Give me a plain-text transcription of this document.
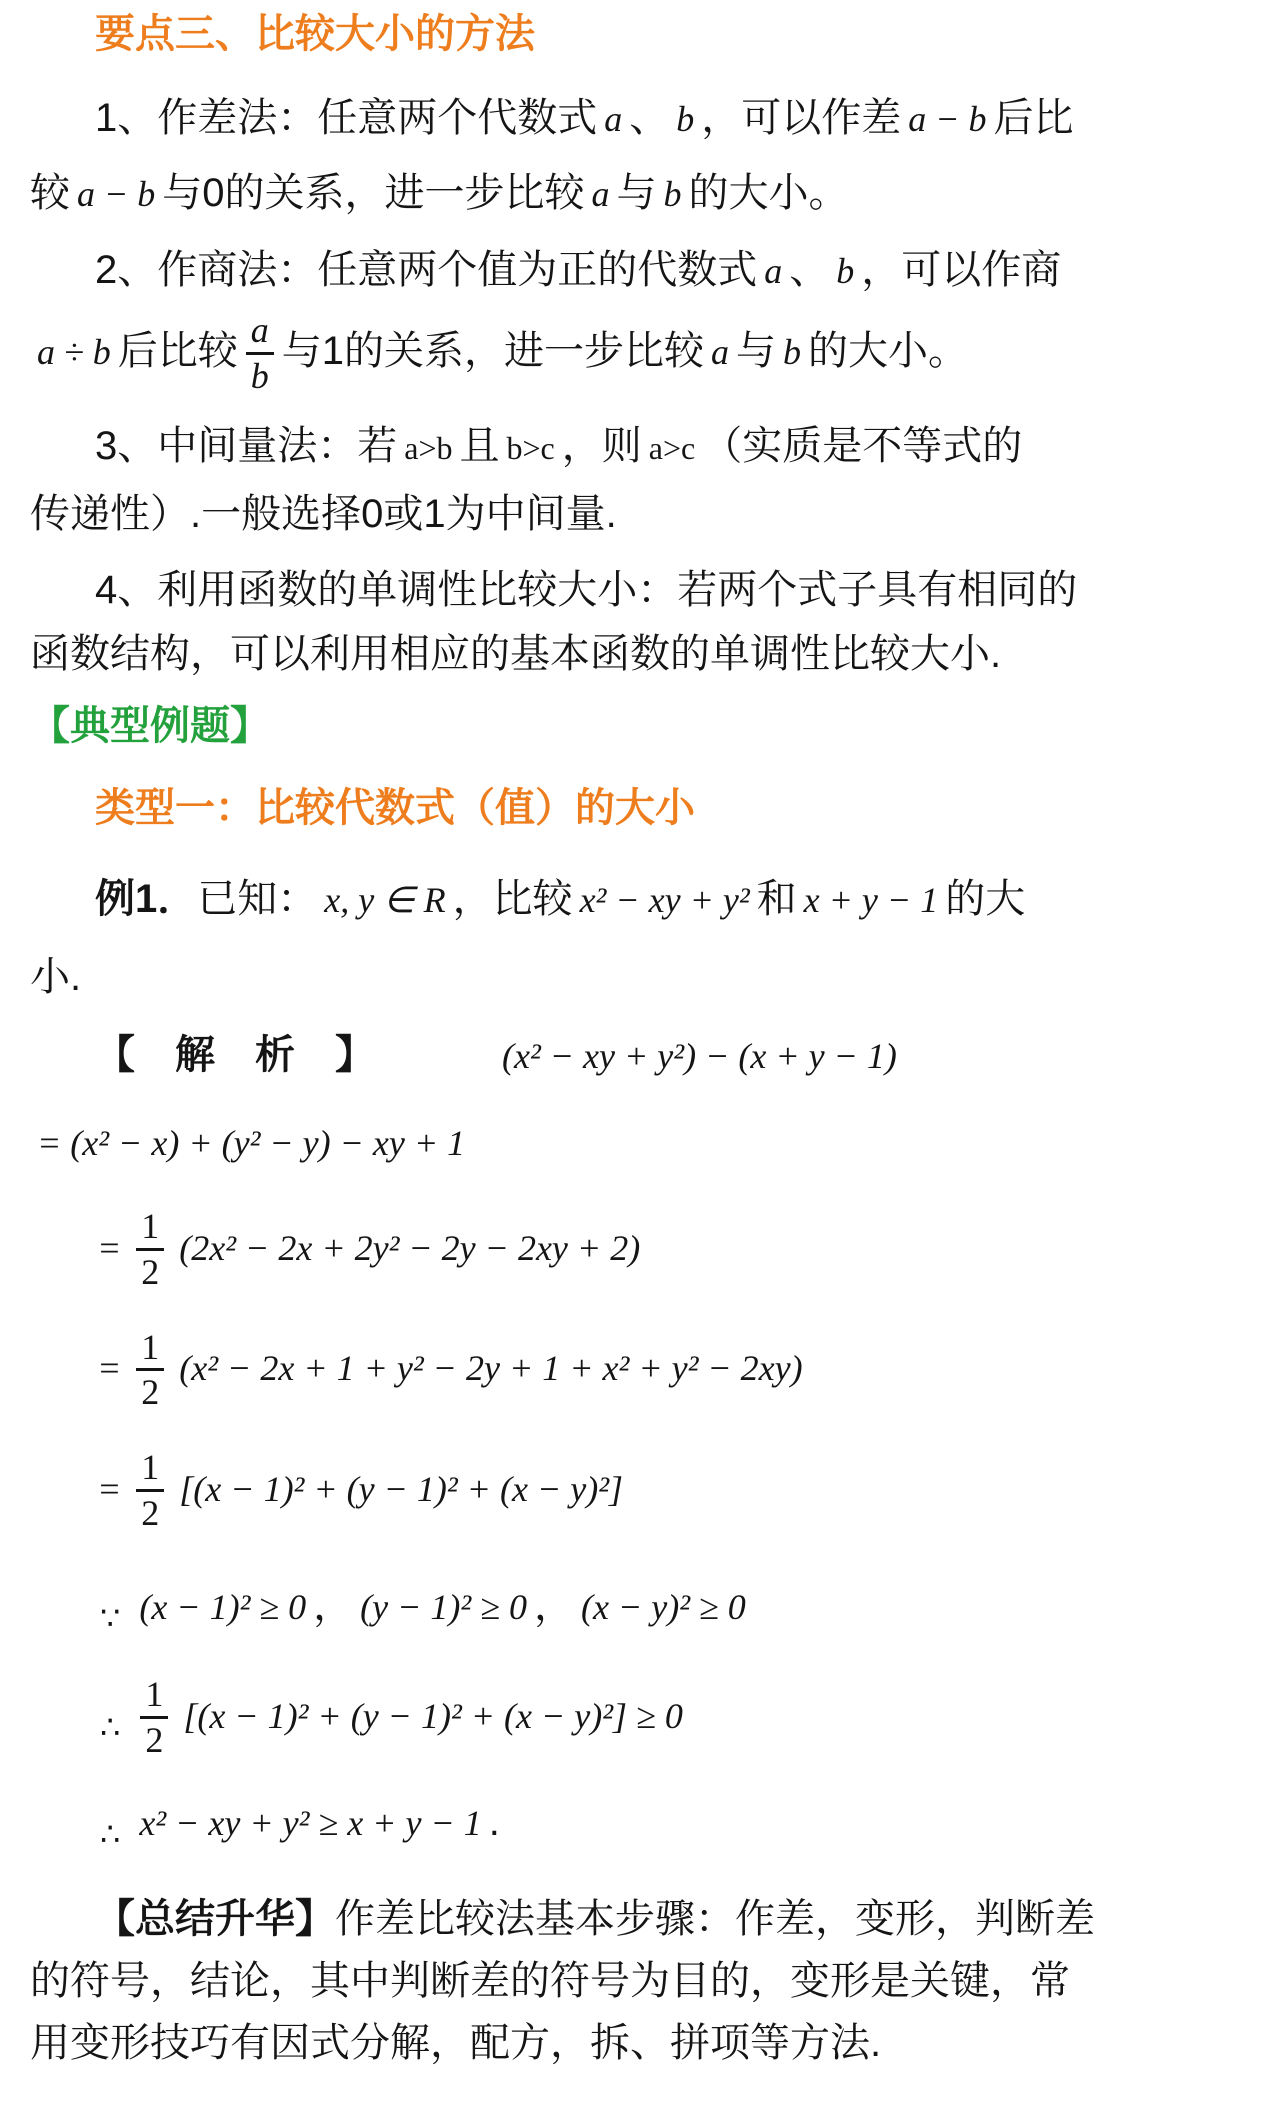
要点三、比较大小的方法
1、作差法：任意两个代数式 a 、 b ，可以作差 a − b 后比
较 a − b 与0的关系，进一步比较 a 与 b 的大小。
2、作商法：任意两个值为正的代数式 a 、 b ，可以作商
a ÷ b 后比较 $\frac{a}{b}$ 与1的关系，进一步比较 a 与 b 的大小。
3、中间量法：若 a>b 且 b>c ，则 a>c （实质是不等式的
传递性）.一般选择0或1为中间量.
4、利用函数的单调性比较大小：若两个式子具有相同的
函数结构，可以利用相应的基本函数的单调性比较大小.
【典型例题】
类型一：比较代数式（值）的大小
例1．已知： x, y ∈ R ，比较 x² − xy + y² 和 x + y − 1 的大
小.
【　解　析　】	(x² − xy + y²) − (x + y − 1)
= (x² − x) + (y² − y) − xy + 1
= $\frac{1}{2} (2x^2 - 2x + 2y^2 - 2y - 2xy + 2)$
= $\frac{1}{2} (x^2 - 2x + 1 + y^2 - 2y + 1 + x^2 + y^2 - 2xy)$
= $\frac{1}{2} [(x - 1)^2 + (y - 1)^2 + (x - y)^2]$
$_\because$ (x − 1)² ≥ 0 ， (y − 1)² ≥ 0 ， (x − y)² ≥ 0
$_\therefore \frac{1}{2} [(x - 1)^2 + (y - 1)^2 + (x - y)^2] \ge 0$
$_\therefore$ x² − xy + y² ≥ x + y − 1 .
【总结升华】作差比较法基本步骤：作差，变形，判断差
的符号，结论，其中判断差的符号为目的，变形是关键，常
用变形技巧有因式分解，配方，拆、拼项等方法.
